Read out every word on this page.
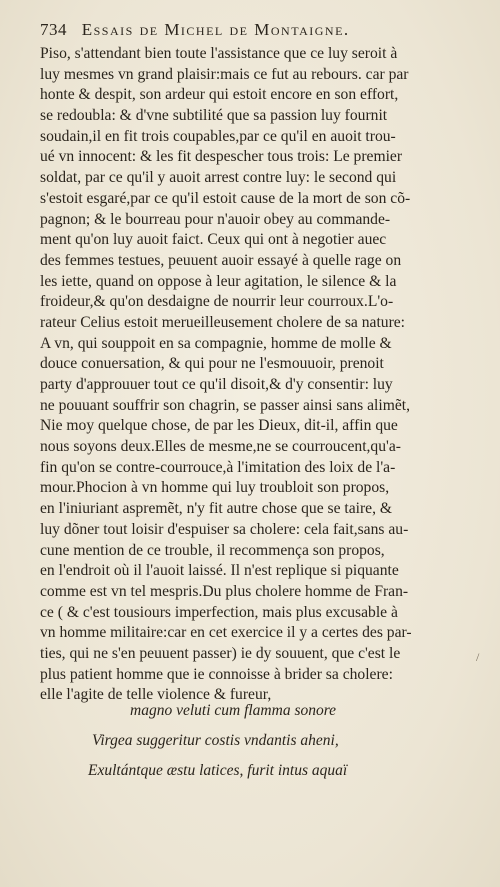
734 Essais de Michel de Montaigne.
Piso, s'attendant bien toute l'assistance que ce luy seroit à
luy mesmes vn grand plaisir:mais ce fut au rebours. car par
honte & despit, son ardeur qui estoit encore en son effort,
se redoubla: & d'vne subtilité que sa passion luy fournit
soudain,il en fit trois coupables,par ce qu'il en auoit trou-
ué vn innocent: & les fit despescher tous trois: Le premier
soldat, par ce qu'il y auoit arrest contre luy: le second qui
s'estoit esgaré,par ce qu'il estoit cause de la mort de son cõ-
pagnon; & le bourreau pour n'auoir obey au commande-
ment qu'on luy auoit faict. Ceux qui ont à negotier auec
des femmes testues, peuuent auoir essayé à quelle rage on
les iette, quand on oppose à leur agitation, le silence & la
froideur,& qu'on desdaigne de nourrir leur courroux.L'o-
rateur Celius estoit merueilleusement cholere de sa nature:
A vn, qui souppoit en sa compagnie, homme de molle &
douce conuersation, & qui pour ne l'esmouuoir, prenoit
party d'approuuer tout ce qu'il disoit,& d'y consentir: luy
ne pouuant souffrir son chagrin, se passer ainsi sans alimẽt,
Nie moy quelque chose, de par les Dieux, dit-il, affin que
nous soyons deux.Elles de mesme,ne se courroucent,qu'a-
fin qu'on se contre-courrouce,à l'imitation des loix de l'a-
mour.Phocion à vn homme qui luy troubloit son propos,
en l'iniuriant aspremẽt, n'y fit autre chose que se taire, &
luy dõner tout loisir d'espuiser sa cholere: cela fait,sans au-
cune mention de ce trouble, il recommença son propos,
en l'endroit où il l'auoit laissé. Il n'est replique si piquante
comme est vn tel mespris.Du plus cholere homme de Fran-
ce ( & c'est tousiours imperfection, mais plus excusable à
vn homme militaire:car en cet exercice il y a certes des par-
ties, qui ne s'en peuuent passer) ie dy souuent, que c'est le
plus patient homme que ie connoisse à brider sa cholere:
elle l'agite de telle violence & fureur,
magno veluti cum flamma sonore
Virgea suggeritur costis vndantis aheni,
Exultántque æstu latices, furit intus aquaï
/
